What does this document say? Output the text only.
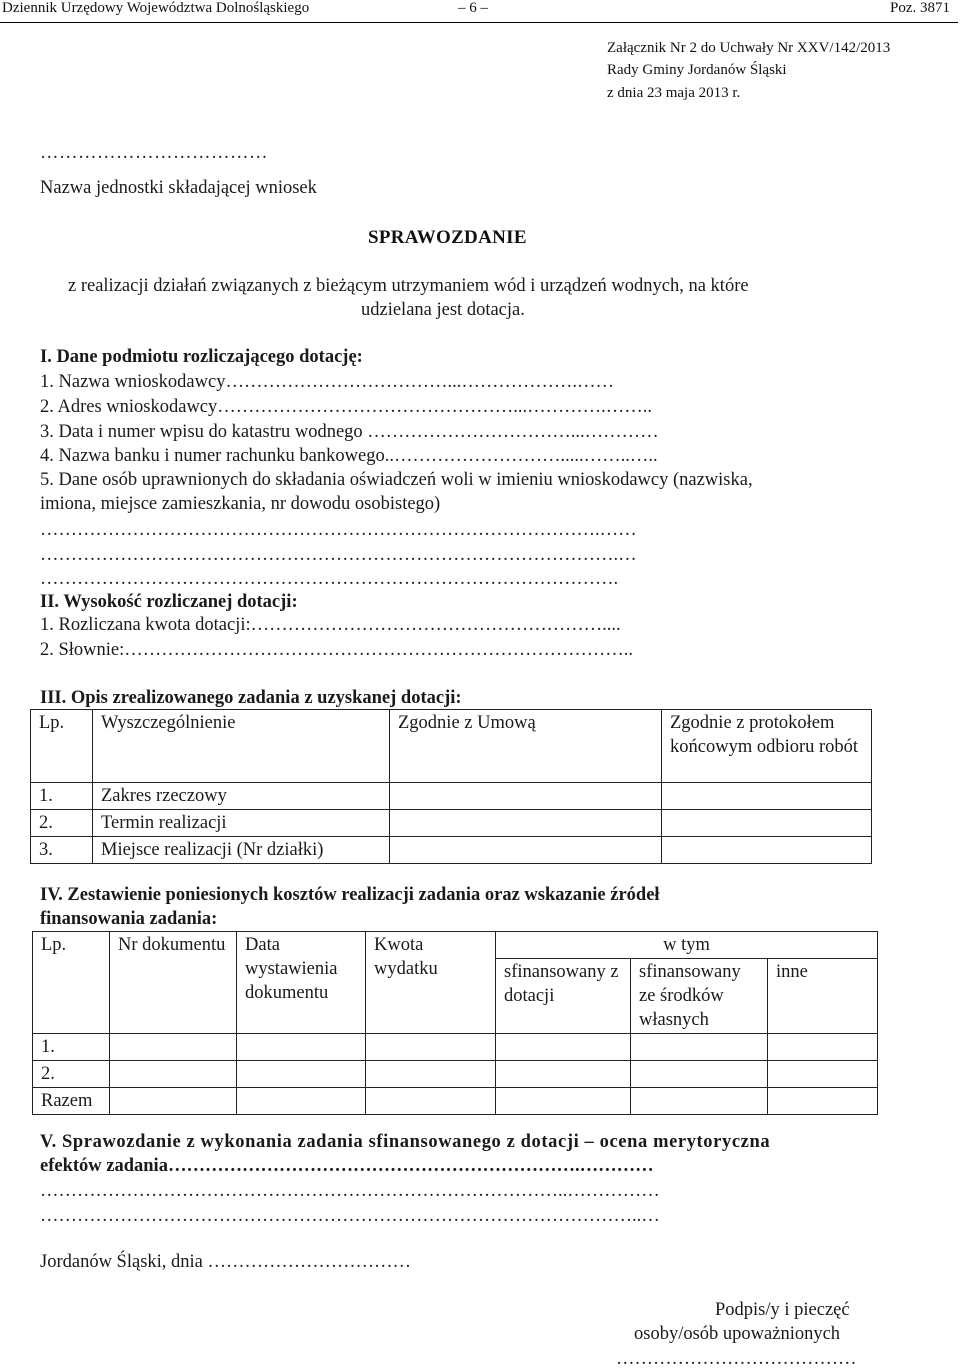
Dziennik Urzędowy Województwa Dolnośląskiego	– 6 –	Poz. 3871
Załącznik Nr 2 do Uchwały Nr XXV/142/2013
Rady Gminy Jordanów Śląski
z dnia 23 maja 2013 r.
………………………………
Nazwa jednostki składającej wniosek
SPRAWOZDANIE
z realizacji działań związanych z bieżącym utrzymaniem wód i urządzeń wodnych, na które
udzielana jest dotacja.
I. Dane podmiotu rozliczającego dotację:
1. Nazwa wnioskodawcy………………………………...……………….……
2. Adres wnioskodawcy…………………………………………...………….……..
3. Data i numer wpisu do katastru wodnego ……………………………...…………
4. Nazwa banku i numer rachunku bankowego..……………………….....……..…..
5. Dane osób uprawnionych do składania oświadczeń woli w imieniu wnioskodawcy (nazwiska,
imiona, miejsce zamieszkania, nr dowodu osobistego)
……………………………………………………………………………….……
………………………………………………………………………………….…
………………………………………………………………………………….
II. Wysokość rozliczanej dotacji:
1. Rozliczana kwota dotacji:…………………………………………………....
2. Słownie:………………………………………………………………………..
III. Opis zrealizowanego zadania z uzyskanej dotacji:
Lp.	Wyszczególnienie	Zgodnie z Umową	Zgodnie z protokołem końcowym odbioru robót
1.	Zakres rzeczowy		
2.	Termin realizacji		
3.	Miejsce realizacji (Nr działki)		
IV. Zestawienie poniesionych kosztów realizacji zadania oraz wskazanie źródeł
finansowania zadania:
Lp.	Nr dokumentu	Data wystawienia dokumentu	Kwota wydatku	w tym		
				sfinansowany z dotacji	sfinansowany ze środków własnych	inne
1.						
2.						
Razem						
V. Sprawozdanie z wykonania zadania sfinansowanego z dotacji – ocena merytoryczna
efektów zadania………………………………………………………….…………
…………………………………………………………………………..……………
……………………………………………………………………………………..…
Jordanów Śląski, dnia ……………………………
Podpis/y i pieczęć
osoby/osób upoważnionych
…………………………………
